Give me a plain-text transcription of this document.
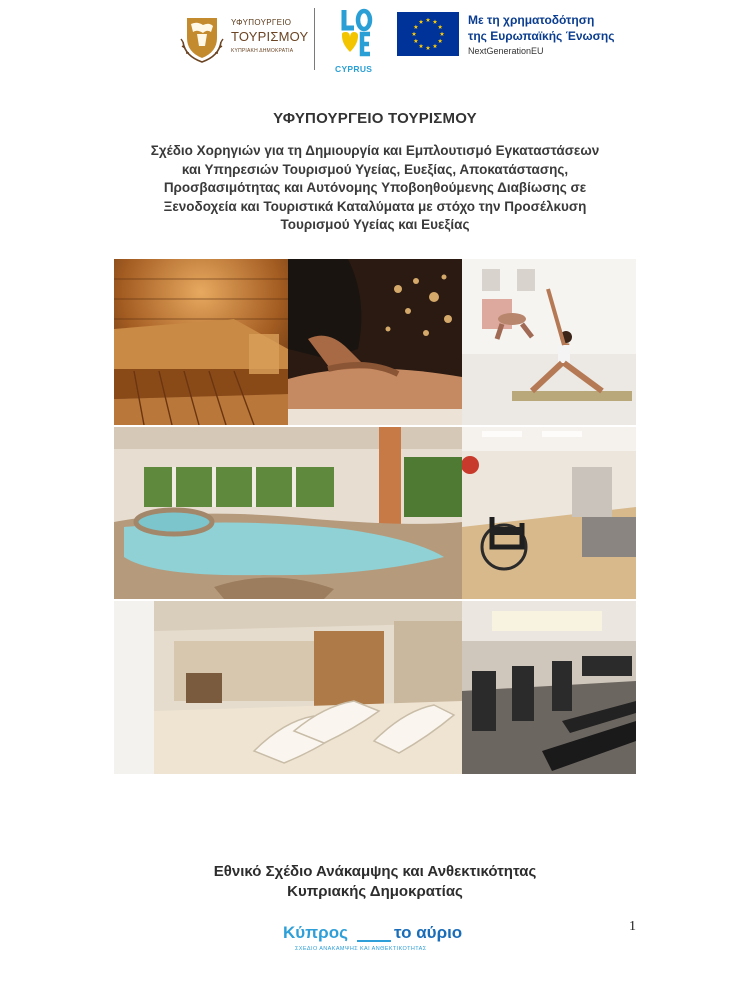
ΥΦΥΠΟΥΡΓΕΙΟ
ΤΟΥΡΙΣΜΟΥ
ΚΥΠΡΙΑΚΗ ΔΗΜΟΚΡΑΤΙΑ
CYPRUS
Με τη χρηματοδότηση
της Ευρωπαϊκής Ένωσης
NextGenerationEU
ΥΦΥΠΟΥΡΓΕΙΟ ΤΟΥΡΙΣΜΟΥ

Σχέδιο Χορηγιών για τη Δημιουργία και Εμπλουτισμό Εγκαταστάσεων
και Υπηρεσιών Τουρισμού Υγείας, Ευεξίας, Αποκατάστασης,
Προσβασιμότητας και Αυτόνομης Υποβοηθούμενης Διαβίωσης σε
Ξενοδοχεία και Τουριστικά Καταλύματα με στόχο την Προσέλκυση
Τουρισμού Υγείας και Ευεξίας

Εθνικό Σχέδιο Ανάκαμψης και Ανθεκτικότητας
Κυπριακής Δημοκρατίας
Κύπρος	το αύριο
ΣΧΕΔΙΟ ΑΝΑΚΑΜΨΗΣ ΚΑΙ ΑΝΘΕΚΤΙΚΟΤΗΤΑΣ
1
